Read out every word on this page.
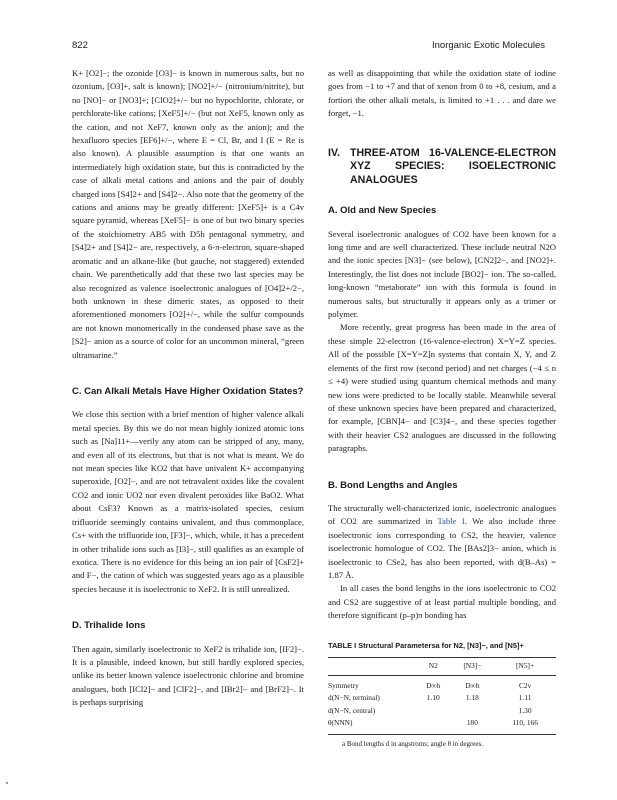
822	Inorganic Exotic Molecules

K+ [O2]−; the ozonide [O3]− is known in numerous salts, but no ozonium, [O3]+, salt is known); [NO2]+/− (nitronium/nitrite), but no [NO]− or [NO3]+; [ClO2]+/− but no hypochlorite, chlorate, or perchlorate-like cations; [XeF5]+/− (but not XeF5, known only as the cation, and not XeF7, known only as the anion); and the hexafluoro species [EF6]+/−, where E = Cl, Br, and I (E = Re is also known). A plausible assumption is that one wants an intermediately high oxidation state, but this is contradicted by the case of alkali metal cations and anions and the pair of doubly charged ions [S4]2+ and [S4]2−. Also note that the geometry of the cations and anions may be greatly different: [XeF5]+ is a C4v square pyramid, whereas [XeF5]− is one of but two binary species of the stoichiometry AB5 with D5h pentagonal symmetry, and [S4]2+ and [S4]2− are, respectively, a 6-π-electron, square-shaped aromatic and an alkane-like (but gauche, not staggered) extended chain. We parenthetically add that these two last species may be also recognized as valence isoelectronic analogues of [O4]2+/2−, both unknown in these dimeric states, as opposed to their aforementioned monomers [O2]+/−, while the sulfur compounds are not known monomerically in the condensed phase save as the [S2]− anion as a source of color for an uncommon mineral, “green ultramarine.”

C. Can Alkali Metals Have Higher Oxidation States?

We close this section with a brief mention of higher valence alkali metal species. By this we do not mean highly ionized atomic ions such as [Na]11+—verily any atom can be stripped of any, many, and even all of its electrons, but that is not what is meant. We do not mean species like KO2 that have univalent K+ accompanying superoxide, [O2]−, and are not tetravalent oxides like the covalent CO2 and ionic UO2 nor even divalent peroxides like BaO2. What about CsF3? Known as a matrix-isolated species, cesium trifluoride seemingly contains univalent, and thus commonplace, Cs+ with the trifluoride ion, [F3]−, which, while, it has a precedent in other trihalide ions such as [I3]−, still qualifies as an example of exotica. There is no evidence for this being an ion pair of [CsF2]+ and F−, the cation of which was suggested years ago as a plausible species because it is isoelectronic to XeF2. It is still unrealized.

D. Trihalide Ions

Then again, similarly isoelectronic to XeF2 is trihalide ion, [IF2]−. It is a plausible, indeed known, but still hardly explored species, unlike its better known valence isoelectronic chlorine and bromine analogues, both [ICl2]− and [ClF2]−, and [IBr2]− and [BrF2]−. It is perhaps surprising

as well as disappointing that while the oxidation state of iodine goes from −1 to +7 and that of xenon from 0 to +8, cesium, and a fortiori the other alkali metals, is limited to +1 . . . and dare we forget, −1.

IV. THREE-ATOM 16-VALENCE-ELECTRON XYZ SPECIES: ISOELECTRONIC ANALOGUES
A. Old and New Species

Several isoelectronic analogues of CO2 have been known for a long time and are well characterized. These include neutral N2O and the ionic species [N3]− (see below), [CN2]2−, and [NO2]+. Interestingly, the list does not include [BO2]− ion. The so-called, long-known “metaborate” ion with this formula is found in numerous salts, but structurally it appears only as a trimer or polymer.

More recently, great progress has been made in the area of these simple 22-electron (16-valence-electron) X=Y=Z species. All of the possible [X=Y=Z]n systems that contain X, Y, and Z elements of the first row (second period) and net charges (−4 ≤ n ≤ +4) were studied using quantum chemical methods and many new ions were predicted to be locally stable. Meanwhile several of these unknown species have been prepared and characterized, for example, [CBN]4− and [C3]4−, and these species together with their heavier CS2 analogues are discussed in the following paragraphs.

B. Bond Lengths and Angles

The structurally well-characterized ionic, isoelectronic analogues of CO2 are summarized in Table I. We also include three isoelectronic ions corresponding to CS2, the heavier, valence isoelectronic homologue of CO2. The [BAs2]3− anion, which is isoelectronic to CSe2, has also been reported, with d(B–As) = 1.87 Å.

In all cases the bond lengths in the ions isoelectronic to CO2 and CS2 are suggestive of at least partial multiple bonding, and therefore significant (p–p)π bonding has

TABLE I Structural Parametersa for N2, [N3]−, and [N5]+
	N2	[N3]−	[N5]+
Symmetry	D∞h	D∞h	C2v
d(N−N, terminal)	1.10	1.18	1.11
d(N−N, central)			1.30
θ(NNN)		180	110, 166
a Bond lengths d in angstroms; angle θ in degrees.
